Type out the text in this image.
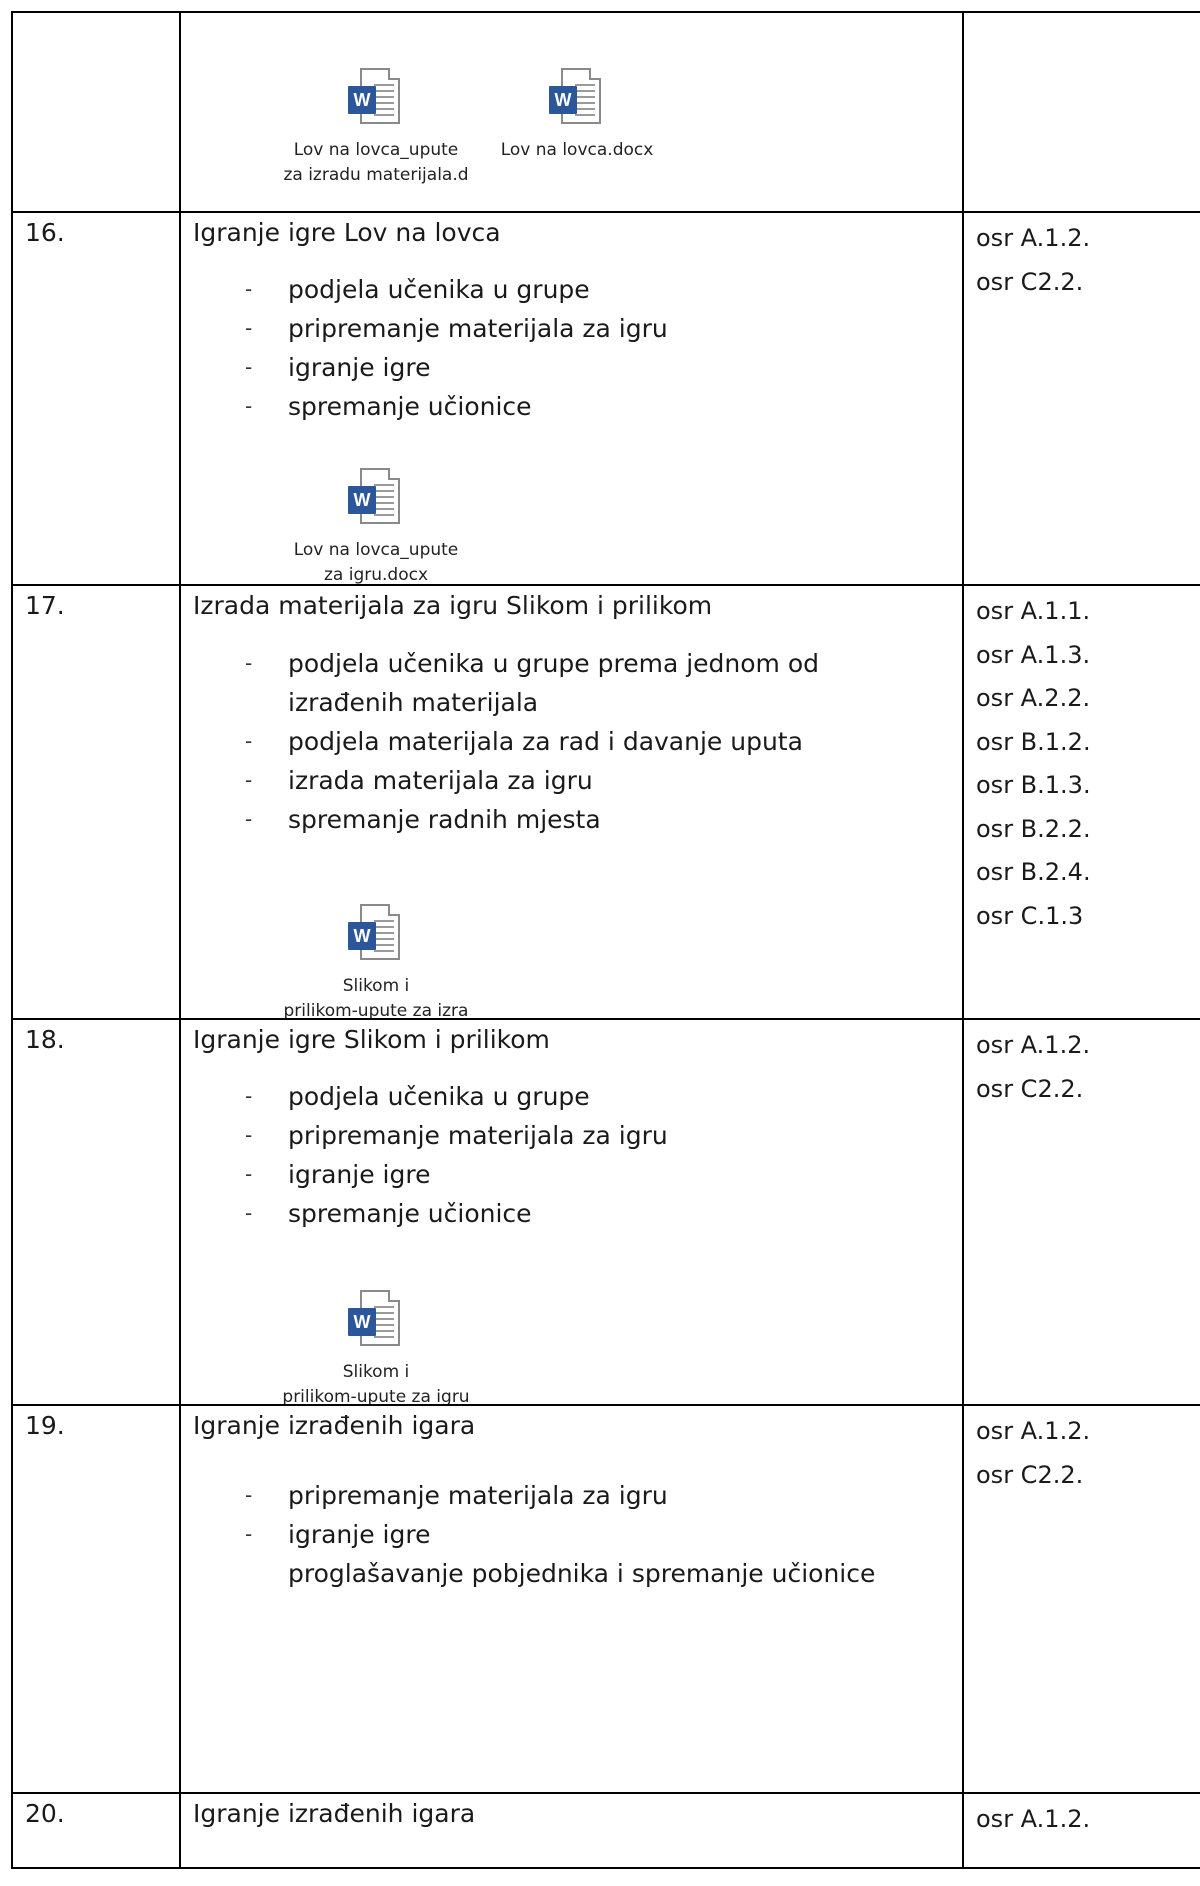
W
Lov na lovca_upute
za izradu materijala.d
W
Lov na lovca.docx
16.	Igranje igre Lov na lovca
- podjela učenika u grupe
- pripremanje materijala za igru
- igranje igre
- spremanje učionice
W
Lov na lovca_upute
za igru.docx
osr A.1.2.
osr C2.2.
17.	Izrada materijala za igru Slikom i prilikom
- podjela učenika u grupe prema jednom od izrađenih materijala
- podjela materijala za rad i davanje uputa
- izrada materijala za igru
- spremanje radnih mjesta
W
Slikom i
prilikom-upute za izra
osr A.1.1.
osr A.1.3.
osr A.2.2.
osr B.1.2.
osr B.1.3.
osr B.2.2.
osr B.2.4.
osr C.1.3
18.	Igranje igre Slikom i prilikom
- podjela učenika u grupe
- pripremanje materijala za igru
- igranje igre
- spremanje učionice
W
Slikom i
prilikom-upute za igru
osr A.1.2.
osr C2.2.
19.	Igranje izrađenih igara
- pripremanje materijala za igru
- igranje igre
proglašavanje pobjednika i spremanje učionice
osr A.1.2.
osr C2.2.
20.	Igranje izrađenih igara	osr A.1.2.
